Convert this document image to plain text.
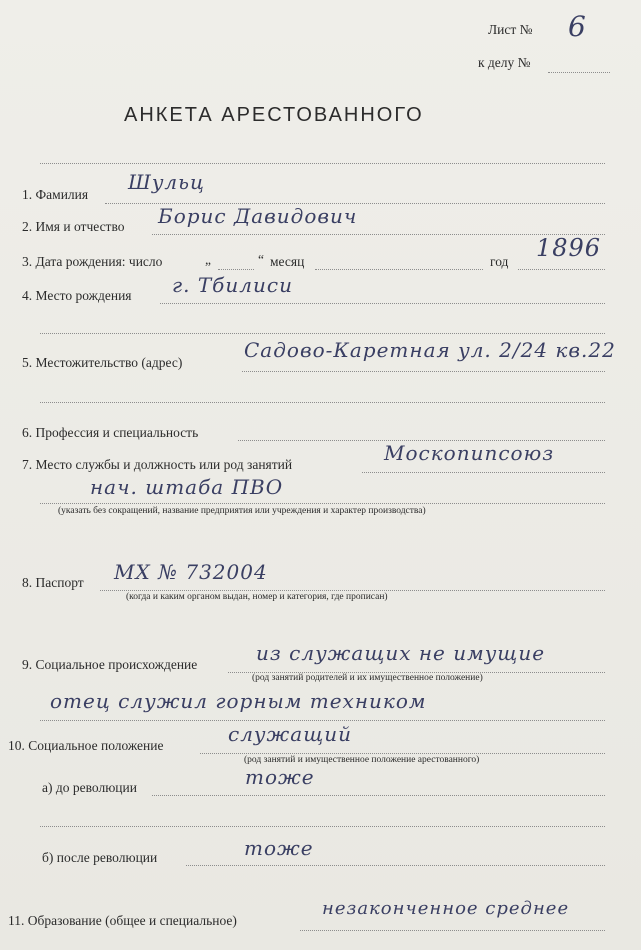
Лист № 6
к делу №
АНКЕТА АРЕСТОВАННОГО
1. Фамилия
Шульц
2. Имя и отчество Борис Давидович
3. Дата рождения: число	„	“ месяц	год 1896
4. Место рождения г. Тбилиси
5. Местожительство (адрес)
Садово-Каретная ул. 2/24 кв.22
6. Профессия и специальность
7. Место службы и должность или род занятий	Москопипсоюз
нач. штаба ПВО
(указать без сокращений, название предприятия или учреждения и характер производства)
8. Паспорт МХ № 732004
(когда и каким органом выдан, номер и категория, где прописан)
9. Социальное происхождение	из служащих не имущие
(род занятий родителей и их имущественное положение)
отец служил горным техником
10. Социальное положение	служащий
(род занятий и имущественное положение арестованного)
а) до революции	тоже
б) после революции	тоже
11. Образование (общее и специальное)
незаконченное среднее
